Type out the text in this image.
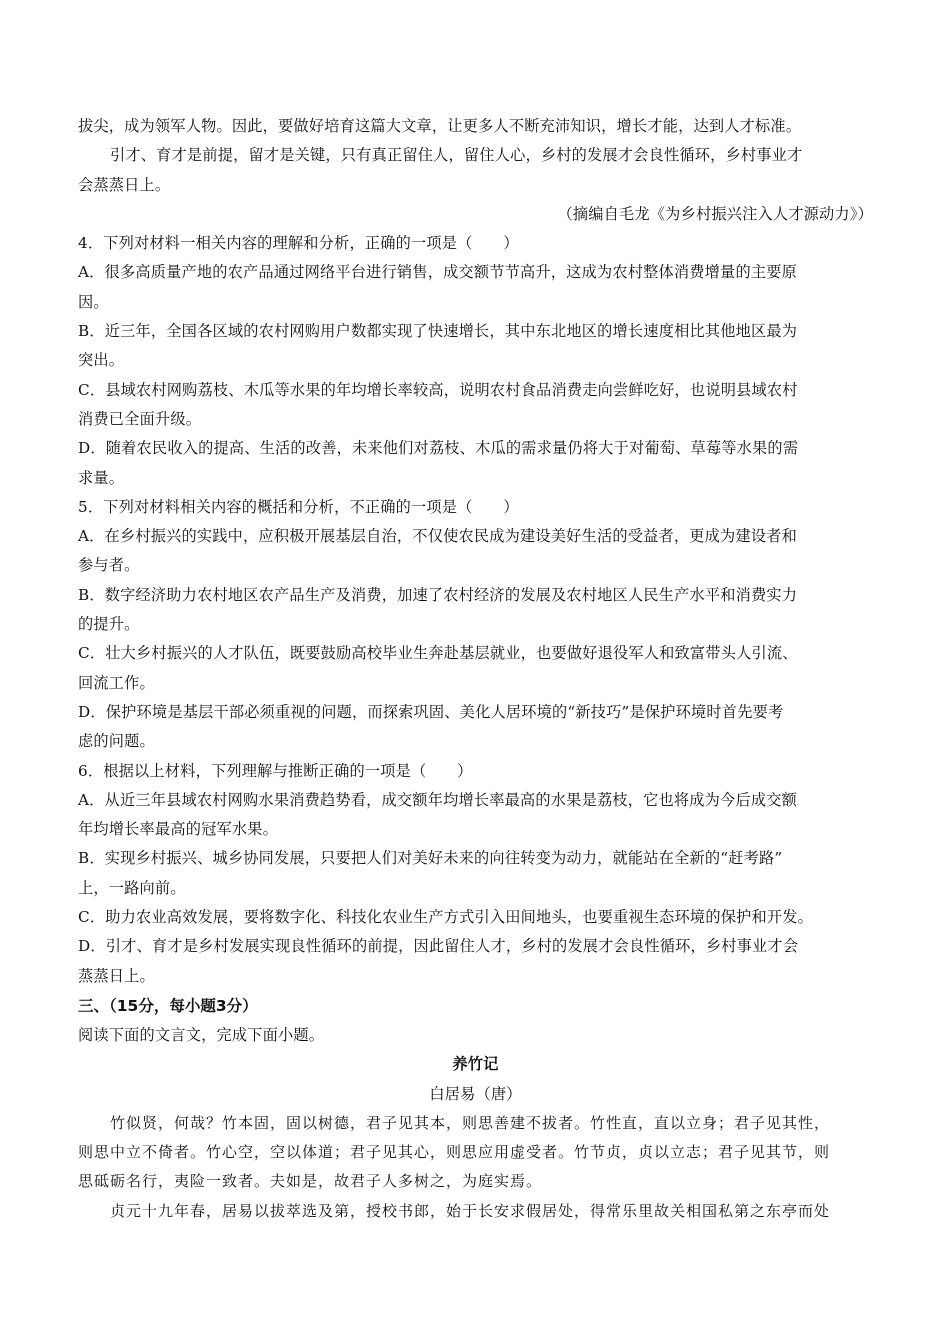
拔尖，成为领军人物。因此，要做好培育这篇大文章，让更多人不断充沛知识，增长才能，达到人才标准。
引才、育才是前提，留才是关键，只有真正留住人，留住人心，乡村的发展才会良性循环，乡村事业才
会蒸蒸日上。
（摘编自毛龙《为乡村振兴注入人才源动力》）
4．下列对材料一相关内容的理解和分析，正确的一项是（　　）
A．很多高质量产地的农产品通过网络平台进行销售，成交额节节高升，这成为农村整体消费增量的主要原
因。
B．近三年，全国各区域的农村网购用户数都实现了快速增长，其中东北地区的增长速度相比其他地区最为
突出。
C．县域农村网购荔枝、木瓜等水果的年均增长率较高，说明农村食品消费走向尝鲜吃好，也说明县域农村
消费已全面升级。
D．随着农民收入的提高、生活的改善，未来他们对荔枝、木瓜的需求量仍将大于对葡萄、草莓等水果的需
求量。
5．下列对材料相关内容的概括和分析，不正确的一项是（　　）
A．在乡村振兴的实践中，应积极开展基层自治，不仅使农民成为建设美好生活的受益者，更成为建设者和
参与者。
B．数字经济助力农村地区农产品生产及消费，加速了农村经济的发展及农村地区人民生产水平和消费实力
的提升。
C．壮大乡村振兴的人才队伍，既要鼓励高校毕业生奔赴基层就业，也要做好退役军人和致富带头人引流、
回流工作。
D．保护环境是基层干部必须重视的问题，而探索巩固、美化人居环境的“新技巧”是保护环境时首先要考
虑的问题。
6．根据以上材料，下列理解与推断正确的一项是（　　）
A．从近三年县域农村网购水果消费趋势看，成交额年均增长率最高的水果是荔枝，它也将成为今后成交额
年均增长率最高的冠军水果。
B．实现乡村振兴、城乡协同发展，只要把人们对美好未来的向往转变为动力，就能站在全新的“赶考路”
上，一路向前。
C．助力农业高效发展，要将数字化、科技化农业生产方式引入田间地头，也要重视生态环境的保护和开发。
D．引才、育才是乡村发展实现良性循环的前提，因此留住人才，乡村的发展才会良性循环，乡村事业才会
蒸蒸日上。
三、（15分，每小题3分）
阅读下面的文言文，完成下面小题。
养竹记
白居易（唐）
竹似贤，何哉？竹本固，固以树德，君子见其本，则思善建不拔者。竹性直，直以立身；君子见其性，
则思中立不倚者。竹心空，空以体道；君子见其心，则思应用虚受者。竹节贞，贞以立志；君子见其节，则
思砥砺名行，夷险一致者。夫如是，故君子人多树之，为庭实焉。
贞元十九年春，居易以拔萃选及第，授校书郎，始于长安求假居处，得常乐里故关相国私第之东亭而处
